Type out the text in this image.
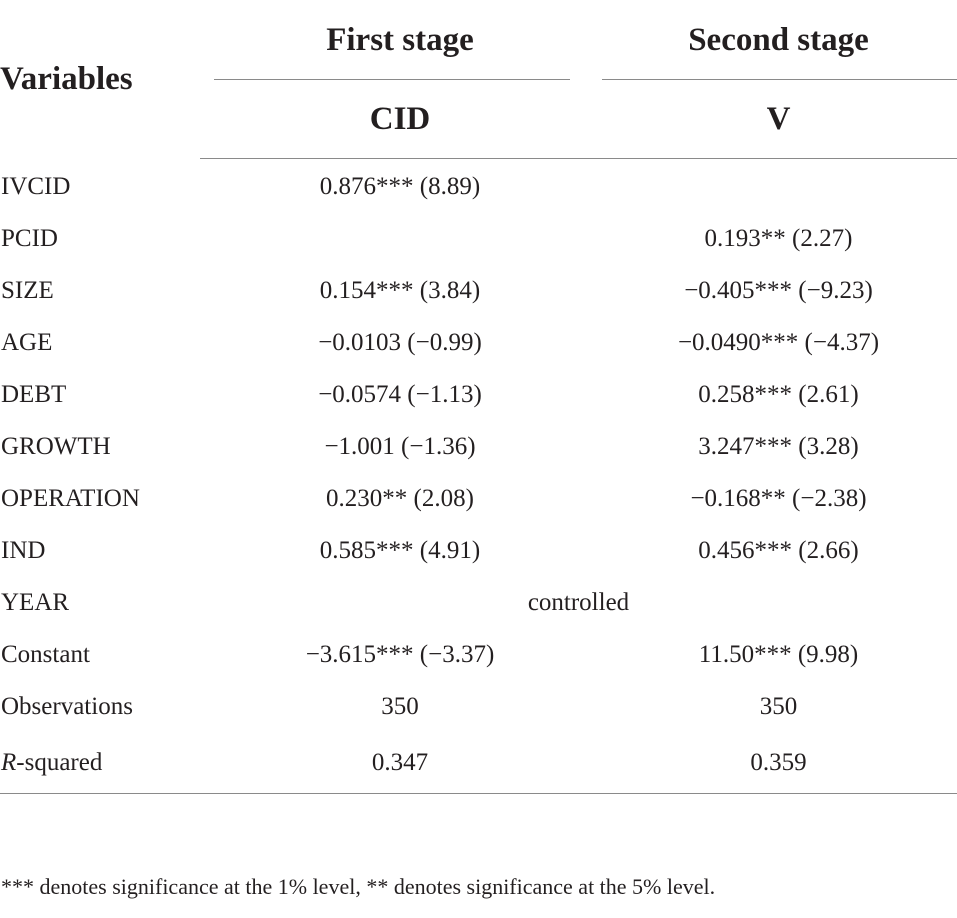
Variables	First stage	Second stage

	CID	V
IVCID	0.876*** (8.89)	
PCID		0.193** (2.27)
SIZE	0.154*** (3.84)	−0.405*** (−9.23)
AGE	−0.0103 (−0.99)	−0.0490*** (−4.37)
DEBT	−0.0574 (−1.13)	0.258*** (2.61)
GROWTH	−1.001 (−1.36)	3.247*** (3.28)
OPERATION	0.230** (2.08)	−0.168** (−2.38)
IND	0.585*** (4.91)	0.456*** (2.66)
YEAR	controlled	
Constant	−3.615*** (−3.37)	11.50*** (9.98)
Observations	350	350
R-squared	0.347	0.359
*** denotes significance at the 1% level, ** denotes significance at the 5% level.
